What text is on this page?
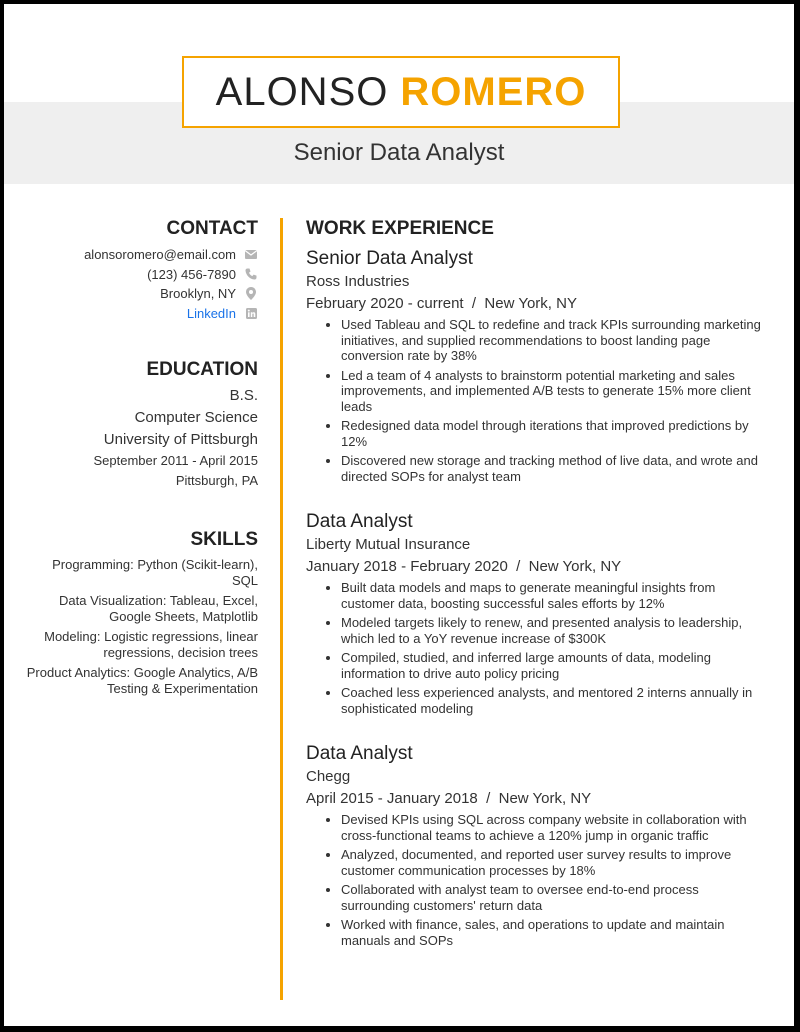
ALONSO ROMERO
Senior Data Analyst
CONTACT
alonsoromero@email.com
(123) 456-7890
Brooklyn, NY
LinkedIn
EDUCATION
B.S.
Computer Science
University of Pittsburgh
September 2011 - April 2015
Pittsburgh, PA
SKILLS
Programming: Python (Scikit-learn), SQL
Data Visualization: Tableau, Excel, Google Sheets, Matplotlib
Modeling: Logistic regressions, linear regressions, decision trees
Product Analytics: Google Analytics, A/B Testing & Experimentation
WORK EXPERIENCE
Senior Data Analyst
Ross Industries
February 2020 - current  /  New York, NY
• Used Tableau and SQL to redefine and track KPIs surrounding marketing initiatives, and supplied recommendations to boost landing page conversion rate by 38%
• Led a team of 4 analysts to brainstorm potential marketing and sales improvements, and implemented A/B tests to generate 15% more client leads
• Redesigned data model through iterations that improved predictions by 12%
• Discovered new storage and tracking method of live data, and wrote and directed SOPs for analyst team
Data Analyst
Liberty Mutual Insurance
January 2018 - February 2020  /  New York, NY
• Built data models and maps to generate meaningful insights from customer data, boosting successful sales efforts by 12%
• Modeled targets likely to renew, and presented analysis to leadership, which led to a YoY revenue increase of $300K
• Compiled, studied, and inferred large amounts of data, modeling information to drive auto policy pricing
• Coached less experienced analysts, and mentored 2 interns annually in sophisticated modeling
Data Analyst
Chegg
April 2015 - January 2018  /  New York, NY
• Devised KPIs using SQL across company website in collaboration with cross-functional teams to achieve a 120% jump in organic traffic
• Analyzed, documented, and reported user survey results to improve customer communication processes by 18%
• Collaborated with analyst team to oversee end-to-end process surrounding customers' return data
• Worked with finance, sales, and operations to update and maintain manuals and SOPs
